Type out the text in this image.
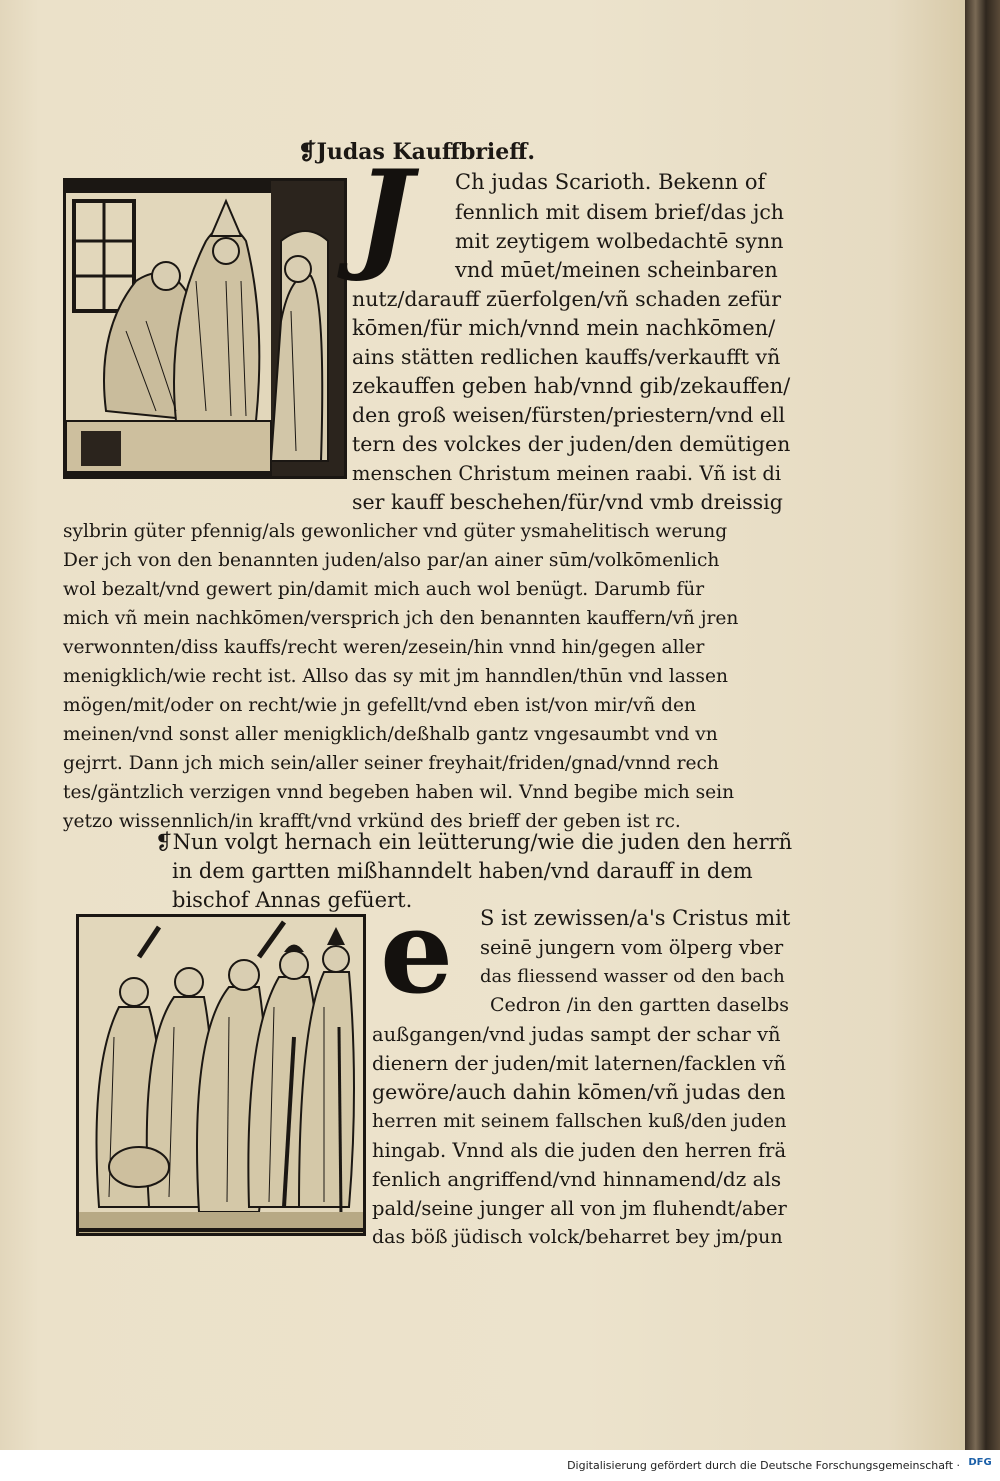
❡Judas Kauffbrieff.
J Ch judas Scarioth. Bekenn of
fennlich mit disem brief/das jch
mit zeytigem wolbedachtē synn
vnd mūet/meinen scheinbaren
nutz/darauff zūerfolgen/vñ schaden zefür
kōmen/für mich/vnnd mein nachkōmen/
ains stätten redlichen kauffs/verkaufft vñ
zekauffen geben hab/vnnd gib/zekauffen/
den groß weisen/fürsten/priestern/vnd ell
tern des volckes der juden/den demütigen
menschen Christum meinen raabi. Vñ ist di
ser kauff beschehen/für/vnd vmb dreissig
sylbrin güter pfennig/als gewonlicher vnd güter ysmahelitisch werung
Der jch von den benannten juden/also par/an ainer sūm/volkōmenlich
wol bezalt/vnd gewert pin/damit mich auch wol benügt. Darumb für
mich vñ mein nachkōmen/versprich jch den benannten kauffern/vñ jren
verwonnten/diss kauffs/recht weren/zesein/hin vnnd hin/gegen aller
menigklich/wie recht ist. Allso das sy mit jm hanndlen/thūn vnd lassen
mögen/mit/oder on recht/wie jn gefellt/vnd eben ist/von mir/vñ den
meinen/vnd sonst aller menigklich/deßhalb gantz vngesaumbt vnd vn
gejrrt. Dann jch mich sein/aller seiner freyhait/friden/gnad/vnnd rech
tes/gäntzlich verzigen vnnd begeben haben wil. Vnnd begibe mich sein
yetzo wissennlich/in krafft/vnd vrkünd des brieff der geben ist rc.
❡Nun volgt hernach ein leütterung/wie die juden den herrñ
in dem gartten mißhanndelt haben/vnd darauff in dem
bischof Annas gefüert.
e S ist zewissen/a's Cristus mit
seinē jungern vom ölperg vber
das fliessend wasser od den bach
Cedron /in den gartten daselbs
außgangen/vnd judas sampt der schar vñ
dienern der juden/mit laternen/facklen vñ
gewöre/auch dahin kōmen/vñ judas den
herren mit seinem fallschen kuß/den juden
hingab. Vnnd als die juden den herren frä
fenlich angriffend/vnd hinnamend/dz als
pald/seine junger all von jm fluhendt/aber
das böß jüdisch volck/beharret bey jm/pun
Digitalisierung gefördert durch die Deutsche Forschungsgemeinschaft · DFG
